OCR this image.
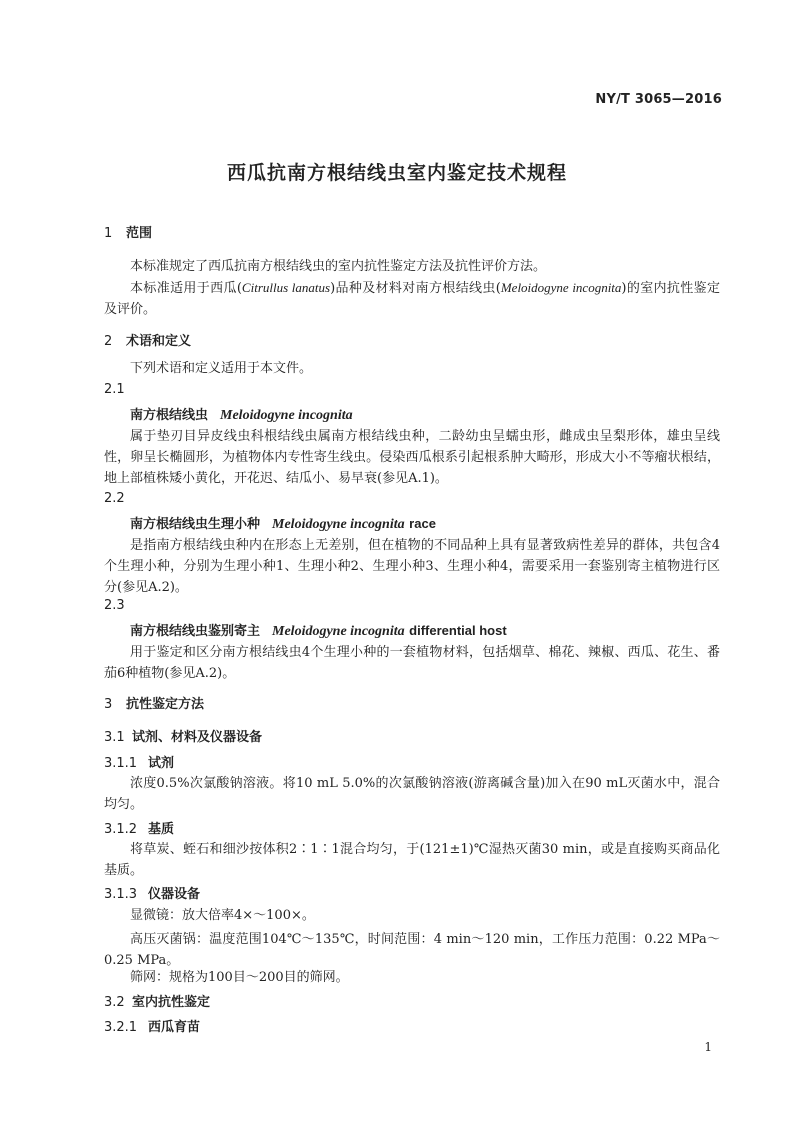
NY/T 3065—2016
西瓜抗南方根结线虫室内鉴定技术规程
1 范围
本标准规定了西瓜抗南方根结线虫的室内抗性鉴定方法及抗性评价方法。
本标准适用于西瓜(Citrullus lanatus)品种及材料对南方根结线虫(Meloidogyne incognita)的室内抗性鉴定及评价。
2 术语和定义
下列术语和定义适用于本文件。
2.1
南方根结线虫 Meloidogyne incognita
属于垫刃目异皮线虫科根结线虫属南方根结线虫种，二龄幼虫呈蠕虫形，雌成虫呈梨形体，雄虫呈线性，卵呈长椭圆形，为植物体内专性寄生线虫。侵染西瓜根系引起根系肿大畸形，形成大小不等瘤状根结，地上部植株矮小黄化，开花迟、结瓜小、易早衰(参见A.1)。
2.2
南方根结线虫生理小种 Meloidogyne incognita race
是指南方根结线虫种内在形态上无差别，但在植物的不同品种上具有显著致病性差异的群体，共包含4个生理小种，分别为生理小种1、生理小种2、生理小种3、生理小种4，需要采用一套鉴别寄主植物进行区分(参见A.2)。
2.3
南方根结线虫鉴别寄主 Meloidogyne incognita differential host
用于鉴定和区分南方根结线虫4个生理小种的一套植物材料，包括烟草、棉花、辣椒、西瓜、花生、番茄6种植物(参见A.2)。
3 抗性鉴定方法
3.1 试剂、材料及仪器设备
3.1.1 试剂
浓度0.5%次氯酸钠溶液。将10 mL 5.0%的次氯酸钠溶液(游离碱含量)加入在90 mL灭菌水中，混合均匀。
3.1.2 基质
将草炭、蛭石和细沙按体积2∶1∶1混合均匀，于(121±1)℃湿热灭菌30 min，或是直接购买商品化基质。
3.1.3 仪器设备
显微镜：放大倍率4×～100×。
高压灭菌锅：温度范围104℃～135℃，时间范围：4 min～120 min，工作压力范围：0.22 MPa～0.25 MPa。
筛网：规格为100目～200目的筛网。
3.2 室内抗性鉴定
3.2.1 西瓜育苗
1
